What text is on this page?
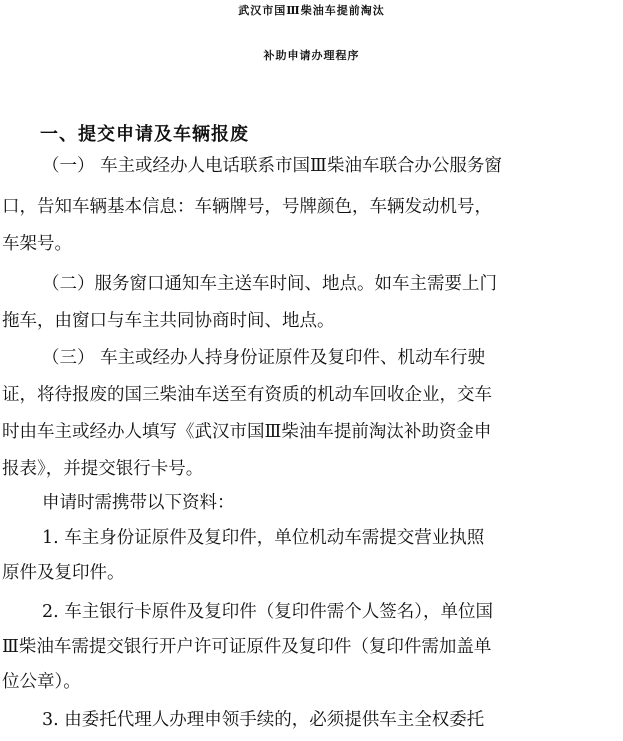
武汉市国Ⅲ柴油车提前淘汰
补助申请办理程序
一、提交申请及车辆报废
（一） 车主或经办人电话联系市国Ⅲ柴油车联合办公服务窗
口，告知车辆基本信息：车辆牌号，号牌颜色，车辆发动机号，
车架号。
（二）服务窗口通知车主送车时间、地点。如车主需要上门
拖车，由窗口与车主共同协商时间、地点。
（三） 车主或经办人持身份证原件及复印件、机动车行驶
证，将待报废的国三柴油车送至有资质的机动车回收企业，交车
时由车主或经办人填写《武汉市国Ⅲ柴油车提前淘汰补助资金申
报表》，并提交银行卡号。
申请时需携带以下资料：
1. 车主身份证原件及复印件，单位机动车需提交营业执照
原件及复印件。
2. 车主银行卡原件及复印件（复印件需个人签名），单位国
Ⅲ柴油车需提交银行开户许可证原件及复印件（复印件需加盖单
位公章）。
3. 由委托代理人办理申领手续的，必须提供车主全权委托
